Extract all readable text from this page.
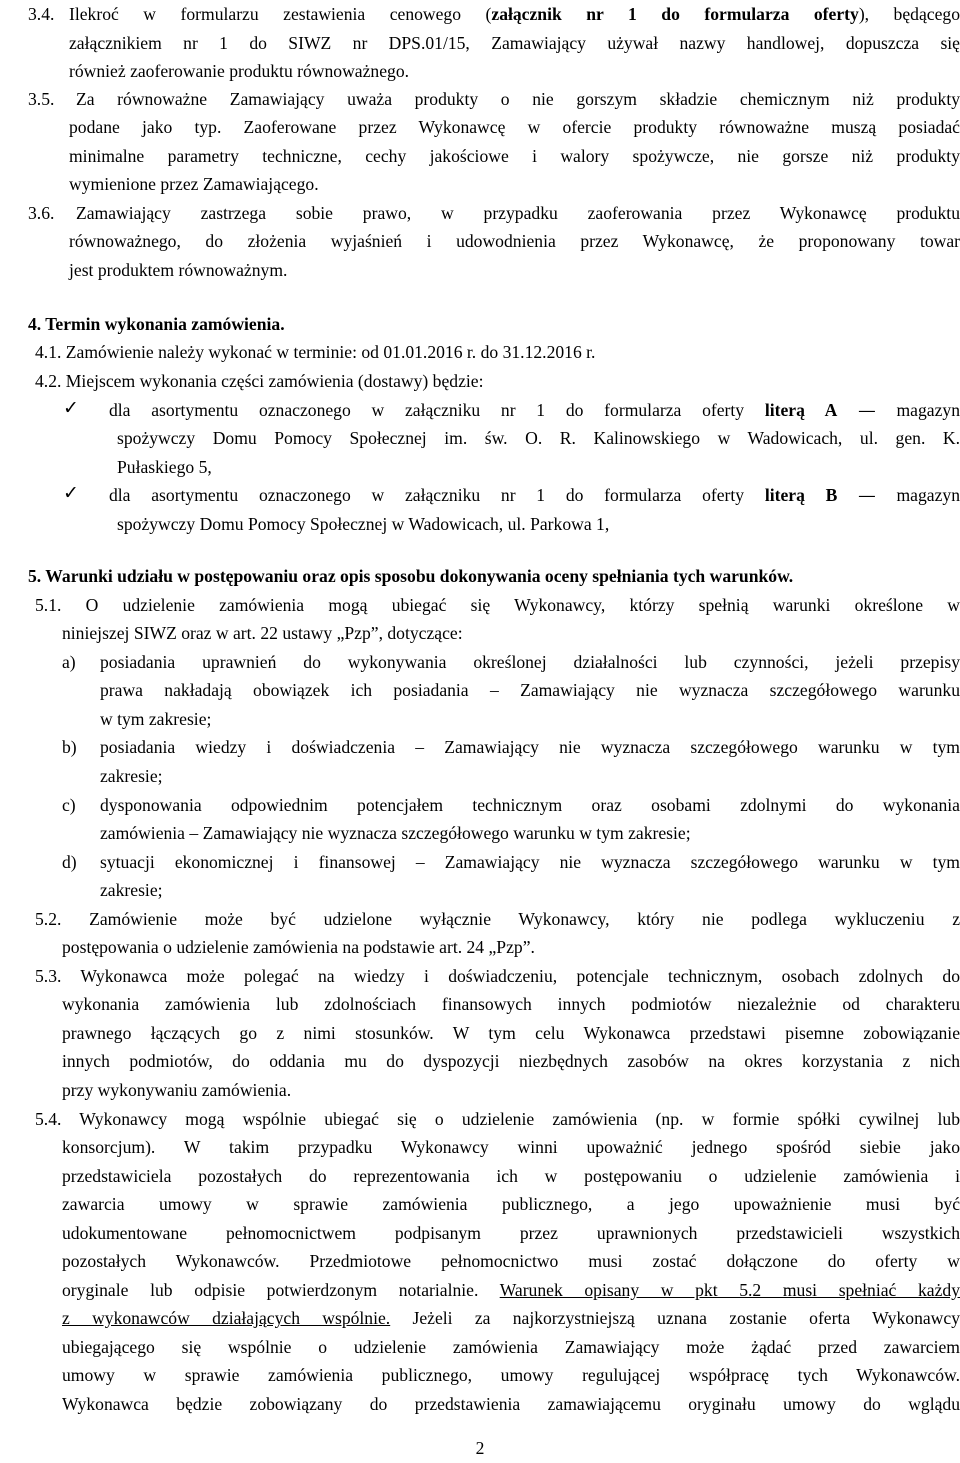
3.4. Ilekroć w formularzu zestawienia cenowego (załącznik nr 1 do formularza oferty), będącego
załącznikiem nr 1 do SIWZ nr DPS.01/15, Zamawiający używał nazwy handlowej, dopuszcza się
również zaoferowanie produktu równoważnego.
3.5. Za równoważne Zamawiający uważa produkty o nie gorszym składzie chemicznym niż produkty
podane jako typ. Zaoferowane przez Wykonawcę w ofercie produkty równoważne muszą posiadać
minimalne parametry techniczne, cechy jakościowe i walory spożywcze, nie gorsze niż produkty
wymienione przez Zamawiającego.
3.6. Zamawiający zastrzega sobie prawo, w przypadku zaoferowania przez Wykonawcę produktu
równoważnego, do złożenia wyjaśnień i udowodnienia przez Wykonawcę, że proponowany towar
jest produktem równoważnym.
4. Termin wykonania zamówienia.
4.1. Zamówienie należy wykonać w terminie: od 01.01.2016 r. do 31.12.2016 r.
4.2. Miejscem wykonania części zamówienia (dostawy) będzie:
✓ dla asortymentu oznaczonego w załączniku nr 1 do formularza oferty literą A — magazyn
spożywczy Domu Pomocy Społecznej im. św. O. R. Kalinowskiego w Wadowicach, ul. gen. K.
Pułaskiego 5,
✓ dla asortymentu oznaczonego w załączniku nr 1 do formularza oferty literą B — magazyn
spożywczy Domu Pomocy Społecznej w Wadowicach, ul. Parkowa 1,
5. Warunki udziału w postępowaniu oraz opis sposobu dokonywania oceny spełniania tych warunków.
5.1. O udzielenie zamówienia mogą ubiegać się Wykonawcy, którzy spełnią warunki określone w
niniejszej SIWZ oraz w art. 22 ustawy „Pzp”, dotyczące:
a) posiadania uprawnień do wykonywania określonej działalności lub czynności, jeżeli przepisy
prawa nakładają obowiązek ich posiadania – Zamawiający nie wyznacza szczegółowego warunku
w tym zakresie;
b) posiadania wiedzy i doświadczenia – Zamawiający nie wyznacza szczegółowego warunku w tym
zakresie;
c) dysponowania odpowiednim potencjałem technicznym oraz osobami zdolnymi do wykonania
zamówienia – Zamawiający nie wyznacza szczegółowego warunku w tym zakresie;
d) sytuacji ekonomicznej i finansowej – Zamawiający nie wyznacza szczegółowego warunku w tym
zakresie;
5.2. Zamówienie może być udzielone wyłącznie Wykonawcy, który nie podlega wykluczeniu z
postępowania o udzielenie zamówienia na podstawie art. 24 „Pzp”.
5.3. Wykonawca może polegać na wiedzy i doświadczeniu, potencjale technicznym, osobach zdolnych do
wykonania zamówienia lub zdolnościach finansowych innych podmiotów niezależnie od charakteru
prawnego łączących go z nimi stosunków. W tym celu Wykonawca przedstawi pisemne zobowiązanie
innych podmiotów, do oddania mu do dyspozycji niezbędnych zasobów na okres korzystania z nich
przy wykonywaniu zamówienia.
5.4. Wykonawcy mogą wspólnie ubiegać się o udzielenie zamówienia (np. w formie spółki cywilnej lub
konsorcjum). W takim przypadku Wykonawcy winni upoważnić jednego spośród siebie jako
przedstawiciela pozostałych do reprezentowania ich w postępowaniu o udzielenie zamówienia i
zawarcia umowy w sprawie zamówienia publicznego, a jego upoważnienie musi być
udokumentowane pełnomocnictwem podpisanym przez uprawnionych przedstawicieli wszystkich
pozostałych Wykonawców. Przedmiotowe pełnomocnictwo musi zostać dołączone do oferty w
oryginale lub odpisie potwierdzonym notarialnie. Warunek opisany w pkt 5.2 musi spełniać każdy
z wykonawców działających wspólnie. Jeżeli za najkorzystniejszą uznana zostanie oferta Wykonawcy
ubiegającego się wspólnie o udzielenie zamówienia Zamawiający może żądać przed zawarciem
umowy w sprawie zamówienia publicznego, umowy regulującej współpracę tych Wykonawców.
Wykonawca będzie zobowiązany do przedstawienia zamawiającemu oryginału umowy do wglądu
2
